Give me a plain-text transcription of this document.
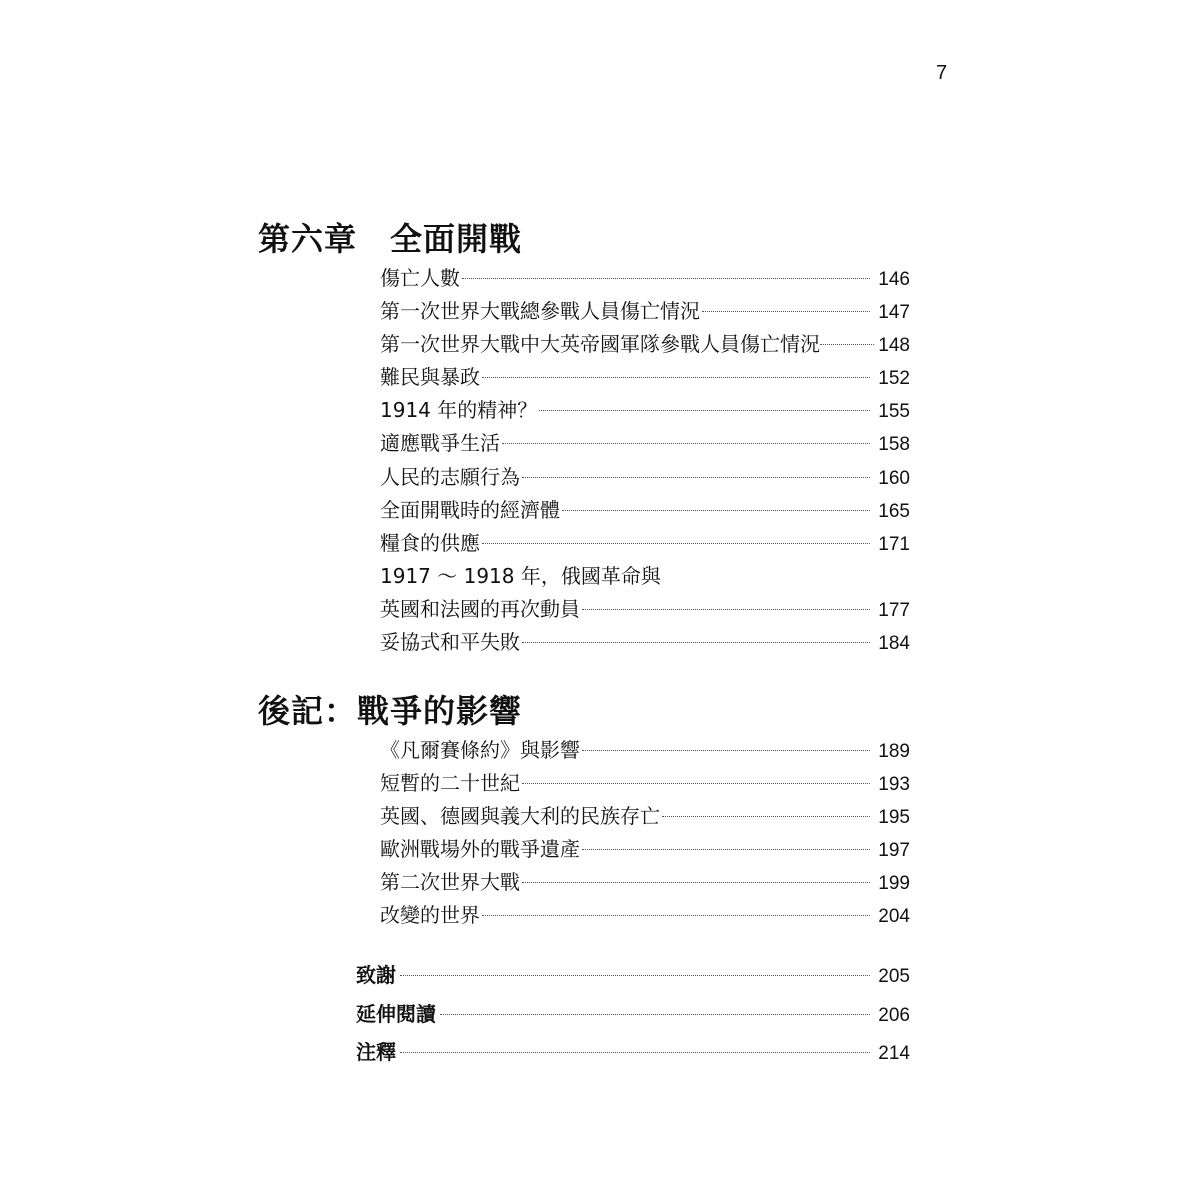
7
第六章　全面開戰
傷亡人數	146
第一次世界大戰總參戰人員傷亡情況	147
第一次世界大戰中大英帝國軍隊參戰人員傷亡情況	148
難民與暴政	152
1914 年的精神？	155
適應戰爭生活	158
人民的志願行為	160
全面開戰時的經濟體	165
糧食的供應	171
1917 ～ 1918 年，俄國革命與
英國和法國的再次動員	177
妥協式和平失敗	184
後記：戰爭的影響
《凡爾賽條約》與影響	189
短暫的二十世紀	193
英國、德國與義大利的民族存亡	195
歐洲戰場外的戰爭遺產	197
第二次世界大戰	199
改變的世界	204
致謝	205
延伸閱讀	206
注釋	214
